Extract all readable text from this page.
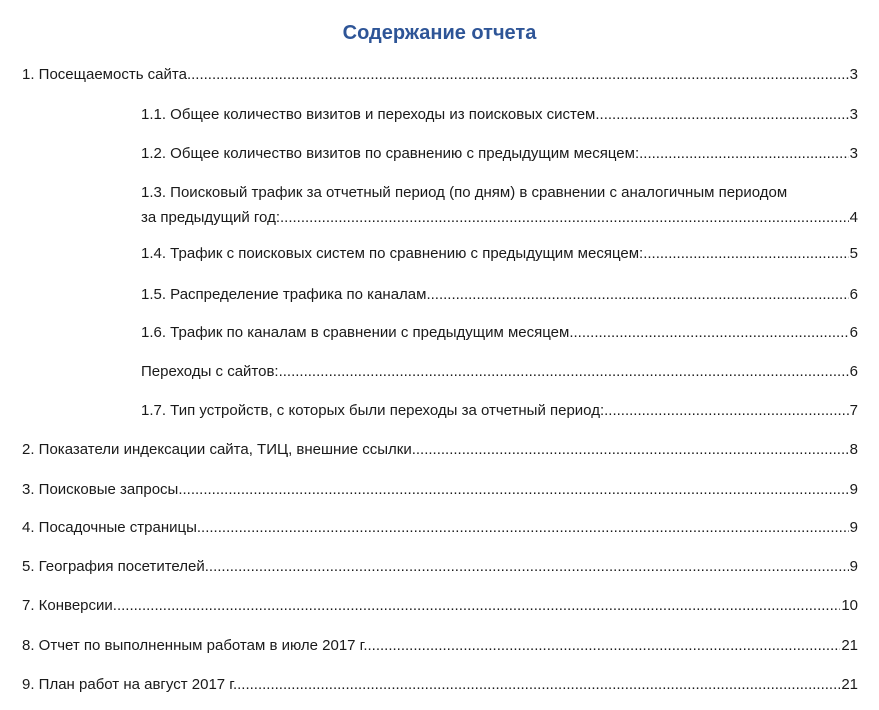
Содержание отчета
1. Посещаемость сайта .....	3
1.1. Общее количество визитов и переходы из поисковых систем .....	3
1.2. Общее количество визитов по сравнению с предыдущим месяцем: .....	3
1.3. Поисковый трафик за отчетный период (по дням) в сравнении с аналогичным периодом
за предыдущий год: .....	4
1.4. Трафик с поисковых систем по сравнению с предыдущим месяцем: .....	5
1.5. Распределение трафика по каналам .....	6
1.6. Трафик по каналам в сравнении с предыдущим месяцем .....	6
Переходы с сайтов: .....	6
1.7. Тип устройств, с которых были переходы за отчетный период: .....	7
2. Показатели индексации сайта, ТИЦ, внешние ссылки .....	8
3. Поисковые запросы .....	9
4. Посадочные страницы .....	9
5. География посетителей .....	9
7. Конверсии .....	10
8. Отчет по выполненным работам в июле 2017 г. .....	21
9. План работ на август 2017 г. .....	21
